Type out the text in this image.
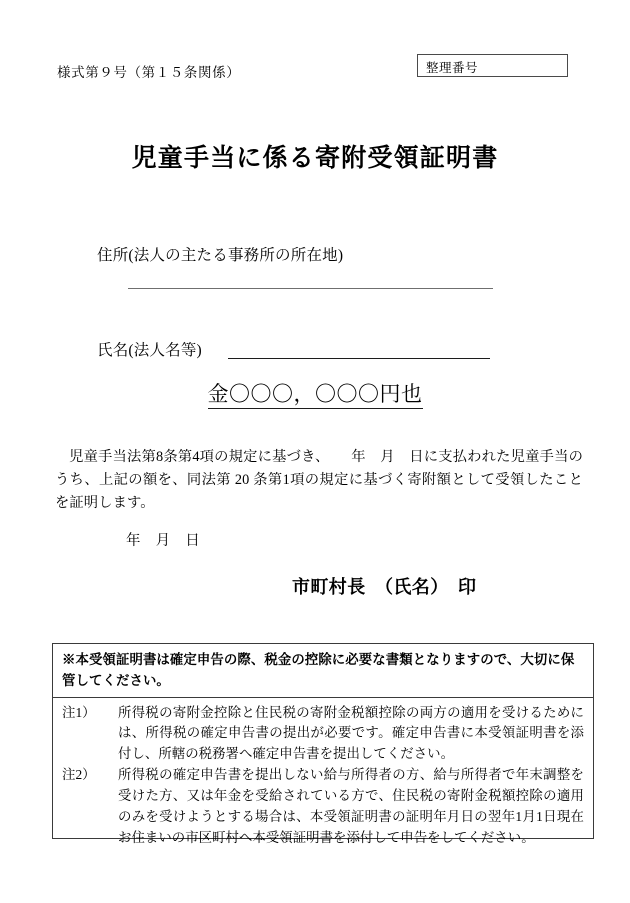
様式第９号（第１５条関係）	整理番号
児童手当に係る寄附受領証明書
住所(法人の主たる事務所の所在地)
氏名(法人名等)
金〇〇〇，〇〇〇円也
児童手当法第8条第4項の規定に基づき、　　年　月　日に支払われた児童手当のうち、上記の額を、同法第 20 条第1項の規定に基づく寄附額として受領したことを証明します。
年　月　日
市町村長　（氏名）　印
※本受領証明書は確定申告の際、税金の控除に必要な書類となりますので、大切に保管してください。
注1）	所得税の寄附金控除と住民税の寄附金税額控除の両方の適用を受けるためには、所得税の確定申告書の提出が必要です。確定申告書に本受領証明書を添付し、所轄の税務署へ確定申告書を提出してください。
注2）	所得税の確定申告書を提出しない給与所得者の方、給与所得者で年末調整を受けた方、又は年金を受給されている方で、住民税の寄附金税額控除の適用のみを受けようとする場合は、本受領証明書の証明年月日の翌年1月1日現在お住まいの市区町村へ本受領証明書を添付して申告をしてください。
